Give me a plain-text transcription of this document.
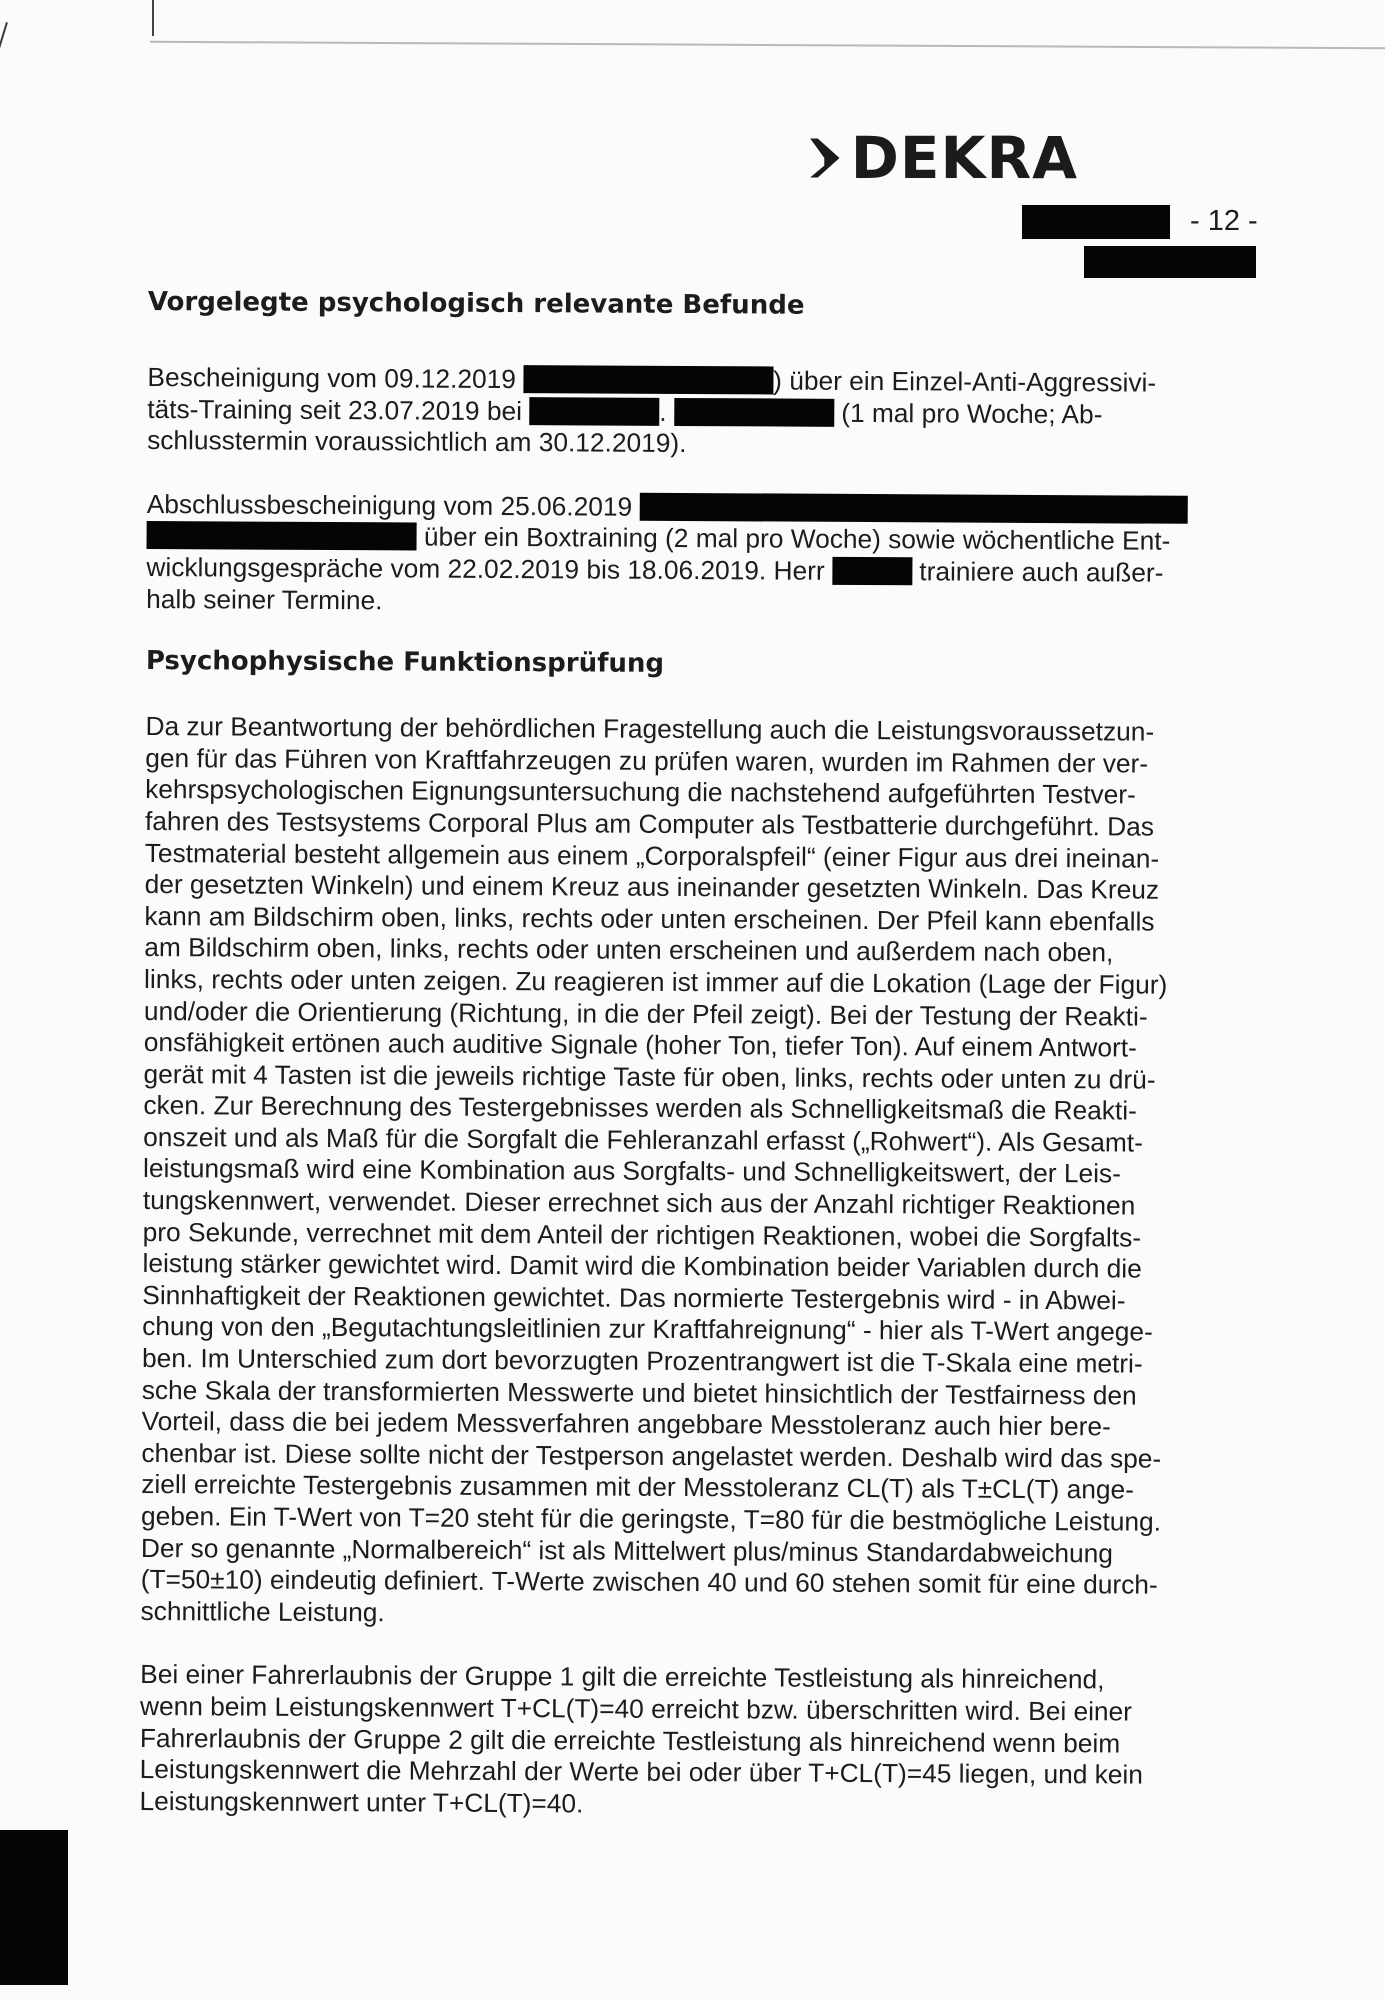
DEKRA
- 12 -
Vorgelegte psychologisch relevante Befunde

Bescheinigung vom 09.12.2019	) über ein Einzel-Anti-Aggressivi-
täts-Training seit 23.07.2019 bei	.	(1 mal pro Woche; Ab-
schlusstermin voraussichtlich am 30.12.2019).

Abschlussbescheinigung vom 25.06.2019
über ein Boxtraining (2 mal pro Woche) sowie wöchentliche Ent-
wicklungsgespräche vom 22.02.2019 bis 18.06.2019. Herr	trainiere auch außer-
halb seiner Termine.

Psychophysische Funktionsprüfung

Da zur Beantwortung der behördlichen Fragestellung auch die Leistungsvoraussetzun-
gen für das Führen von Kraftfahrzeugen zu prüfen waren, wurden im Rahmen der ver-
kehrspsychologischen Eignungsuntersuchung die nachstehend aufgeführten Testver-
fahren des Testsystems Corporal Plus am Computer als Testbatterie durchgeführt. Das
Testmaterial besteht allgemein aus einem „Corporalspfeil“ (einer Figur aus drei ineinan-
der gesetzten Winkeln) und einem Kreuz aus ineinander gesetzten Winkeln. Das Kreuz
kann am Bildschirm oben, links, rechts oder unten erscheinen. Der Pfeil kann ebenfalls
am Bildschirm oben, links, rechts oder unten erscheinen und außerdem nach oben,
links, rechts oder unten zeigen. Zu reagieren ist immer auf die Lokation (Lage der Figur)
und/oder die Orientierung (Richtung, in die der Pfeil zeigt). Bei der Testung der Reakti-
onsfähigkeit ertönen auch auditive Signale (hoher Ton, tiefer Ton). Auf einem Antwort-
gerät mit 4 Tasten ist die jeweils richtige Taste für oben, links, rechts oder unten zu drü-
cken. Zur Berechnung des Testergebnisses werden als Schnelligkeitsmaß die Reakti-
onszeit und als Maß für die Sorgfalt die Fehleranzahl erfasst („Rohwert“). Als Gesamt-
leistungsmaß wird eine Kombination aus Sorgfalts- und Schnelligkeitswert, der Leis-
tungskennwert, verwendet. Dieser errechnet sich aus der Anzahl richtiger Reaktionen
pro Sekunde, verrechnet mit dem Anteil der richtigen Reaktionen, wobei die Sorgfalts-
leistung stärker gewichtet wird. Damit wird die Kombination beider Variablen durch die
Sinnhaftigkeit der Reaktionen gewichtet. Das normierte Testergebnis wird - in Abwei-
chung von den „Begutachtungsleitlinien zur Kraftfahreignung“ - hier als T-Wert angege-
ben. Im Unterschied zum dort bevorzugten Prozentrangwert ist die T-Skala eine metri-
sche Skala der transformierten Messwerte und bietet hinsichtlich der Testfairness den
Vorteil, dass die bei jedem Messverfahren angebbare Messtoleranz auch hier bere-
chenbar ist. Diese sollte nicht der Testperson angelastet werden. Deshalb wird das spe-
ziell erreichte Testergebnis zusammen mit der Messtoleranz CL(T) als T±CL(T) ange-
geben. Ein T-Wert von T=20 steht für die geringste, T=80 für die bestmögliche Leistung.
Der so genannte „Normalbereich“ ist als Mittelwert plus/minus Standardabweichung
(T=50±10) eindeutig definiert. T-Werte zwischen 40 und 60 stehen somit für eine durch-
schnittliche Leistung.

Bei einer Fahrerlaubnis der Gruppe 1 gilt die erreichte Testleistung als hinreichend,
wenn beim Leistungskennwert T+CL(T)=40 erreicht bzw. überschritten wird. Bei einer
Fahrerlaubnis der Gruppe 2 gilt die erreichte Testleistung als hinreichend wenn beim
Leistungskennwert die Mehrzahl der Werte bei oder über T+CL(T)=45 liegen, und kein
Leistungskennwert unter T+CL(T)=40.
